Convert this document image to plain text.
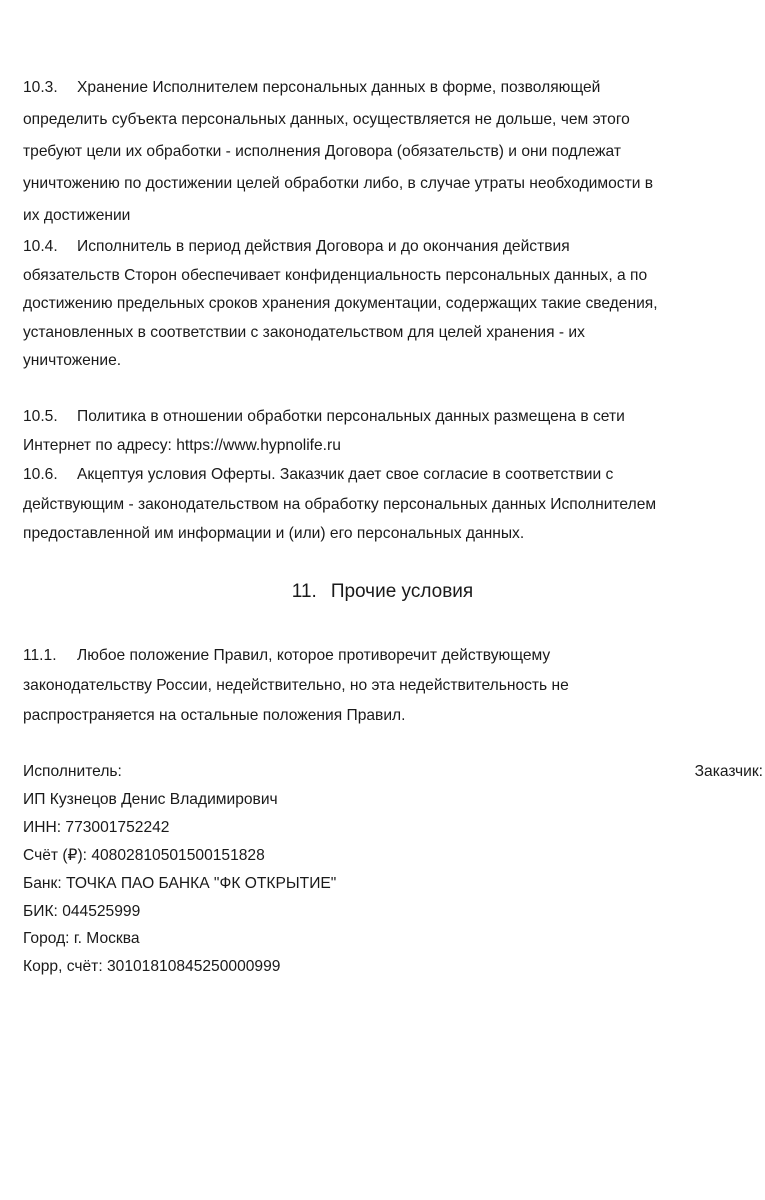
10.3. Хранение Исполнителем персональных данных в форме, позволяющей
определить субъекта персональных данных, осуществляется не дольше, чем этого
требуют цели их обработки - исполнения Договора (обязательств) и они подлежат
уничтожению по достижении целей обработки либо, в случае утраты необходимости в
их достижении
10.4. Исполнитель в период действия Договора и до окончания действия
обязательств Сторон обеспечивает конфиденциальность персональных данных, а по
достижению предельных сроков хранения документации, содержащих такие сведения,
установленных в соответствии с законодательством для целей хранения - их
уничтожение.
10.5. Политика в отношении обработки персональных данных размещена в сети
Интернет по адресу: https://www.hypnolife.ru
10.6. Акцептуя условия Оферты. Заказчик дает свое согласие в соответствии с
действующим - законодательством на обработку персональных данных Исполнителем
предоставленной им информации и (или) его персональных данных.
11. Прочие условия
11.1. Любое положение Правил, которое противоречит действующему
законодательству России, недействительно, но эта недействительность не
распространяется на остальные положения Правил.
Исполнитель:
ИП Кузнецов Денис Владимирович
ИНН: 773001752242
Счёт (₽): 40802810501500151828
Банк: ТОЧКА ПАО БАНКА "ФК ОТКРЫТИЕ"
БИК: 044525999
Город: г. Москва
Корр, счёт: 30101810845250000999
Заказчик:
